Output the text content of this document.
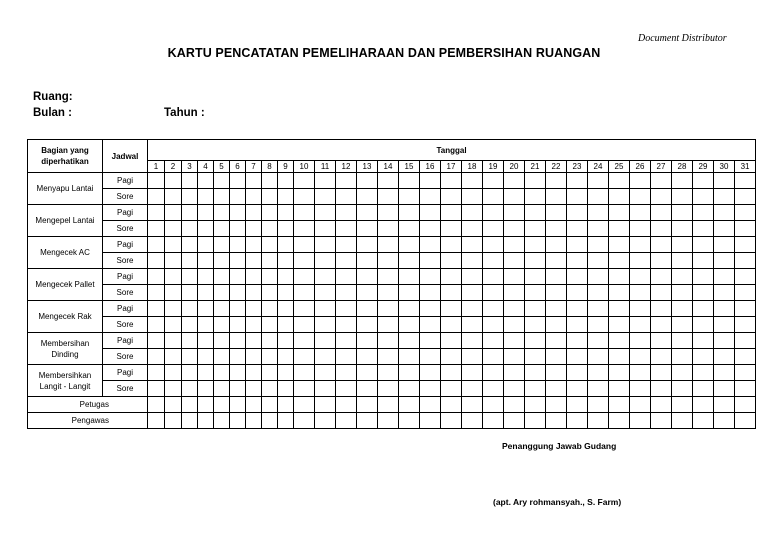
Document Distributor
KARTU PENCATATAN PEMELIHARAAN DAN PEMBERSIHAN RUANGAN
Ruang:
Bulan :	Tahun :
Bagian yang diperhatikan	Jadwal	Tanggal																														
		1	2	3	4	5	6	7	8	9	10	11	12	13	14	15	16	17	18	19	20	21	22	23	24	25	26	27	28	29	30	31
Menyapu Lantai	Pagi																															
	Sore																															
Mengepel Lantai	Pagi																															
	Sore																															
Mengecek AC	Pagi																															
	Sore																															
Mengecek Pallet	Pagi																															
	Sore																															
Mengecek Rak	Pagi																															
	Sore																															
Membersihan Dinding	Pagi																															
	Sore																															
Membersihkan Langit - Langit	Pagi																															
	Sore																															
Petugas																																
Pengawas																																
Penanggung Jawab Gudang
(apt. Ary rohmansyah., S. Farm)
